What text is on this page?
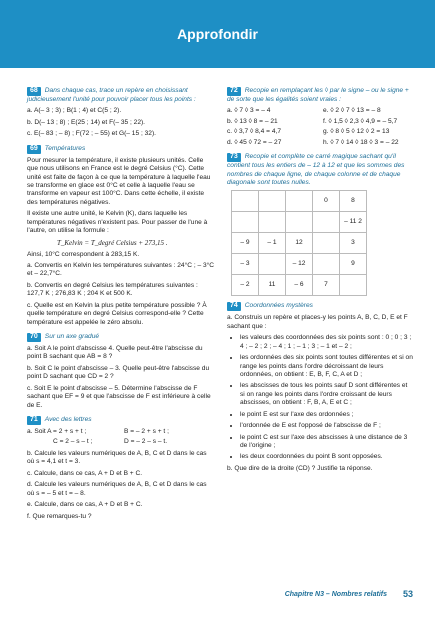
Approfondir

68 Dans chaque cas, trace un repère en choisissant judicieusement l'unité pour pouvoir placer tous les points :

a. A(– 3 ; 3) ; B(1 ; 4) et C(5 ; 2).

b. D(– 13 ; 8) ; E(25 ; 14) et F(– 35 ; 22).

c. E(– 83 ; – 8) ; F(72 ; – 55) et G(– 15 ; 32).

69 Températures

Pour mesurer la température, il existe plusieurs unités. Celle que nous utilisons en France est le degré Celsius (°C). Cette unité est faite de façon à ce que la température à laquelle l'eau se transforme en glace est 0°C et celle à laquelle l'eau se transforme en vapeur est 100°C. Dans cette échelle, il existe des températures négatives.

Il existe une autre unité, le Kelvin (K), dans laquelle les températures négatives n'existent pas. Pour passer de l'une à l'autre, on utilise la formule :

T_Kelvin = T_degré Celsius + 273,15 .

Ainsi, 10°C correspondent à 283,15 K.

a. Convertis en Kelvin les températures suivantes : 24°C ; – 3°C et – 22,7°C.

b. Convertis en degré Celsius les températures suivantes : 127,7 K ; 276,83 K ; 204 K et 500 K.

c. Quelle est en Kelvin la plus petite température possible ? À quelle température en degré Celsius correspond-elle ? Cette température est appelée le zéro absolu.

70 Sur un axe gradué

a. Soit A le point d'abscisse 4. Quelle peut-être l'abscisse du point B sachant que AB = 8 ?

b. Soit C le point d'abscisse – 3. Quelle peut-être l'abscisse du point D sachant que CD = 2 ?

c. Soit E le point d'abscisse – 5. Détermine l'abscisse de F sachant que EF = 9 et que l'abscisse de F est inférieure à celle de E.

71 Avec des lettres

a. Soit A = 2 + s + t ;	B = – 2 + s + t ;
C = 2 – s – t ;	D = – 2 – s – t.

b. Calcule les valeurs numériques de A, B, C et D dans le cas où s = 4,1 et t = 3.

c. Calcule, dans ce cas, A + D et B + C.

d. Calcule les valeurs numériques de A, B, C et D dans le cas où s = – 5 et t = – 8.

e. Calcule, dans ce cas, A + D et B + C.

f. Que remarques-tu ?

72 Recopie en remplaçant les ◊ par le signe – ou le signe + de sorte que les égalités soient vraies :

a. ◊ 7 ◊ 3 = – 4	e. ◊ 2 ◊ 7 ◊ 13 = – 8
b. ◊ 13 ◊ 8 = – 21	f. ◊ 1,5 ◊ 2,3 ◊ 4,9 = – 5,7
c. ◊ 3,7 ◊ 8,4 = 4,7	g. ◊ 8 ◊ 5 ◊ 12 ◊ 2 = 13
d. ◊ 45 ◊ 72 = – 27	h. ◊ 7 ◊ 14 ◊ 18 ◊ 3 = – 22

73 Recopie et complète ce carré magique sachant qu'il contient tous les entiers de – 12 à 12 et que les sommes des nombres de chaque ligne, de chaque colonne et de chaque diagonale sont toutes nulles.

			0	8
				– 11 2
– 9	– 1	12		3
– 3		– 12		9
– 2	11	– 6	7	

74 Coordonnées mystères

a. Construis un repère et places-y les points A, B, C, D, E et F sachant que :

• les valeurs des coordonnées des six points sont : 0 ; 0 ; 3 ; 4 ; – 2 ; 2 ; – 4 ; 1 ; – 1 ; 3 ; – 1 et – 2 ;
• les ordonnées des six points sont toutes différentes et si on range les points dans l'ordre décroissant de leurs ordonnées, on obtient : E, B, F, C, A et D ;
• les abscisses de tous les points sauf D sont différentes et si on range les points dans l'ordre croissant de leurs abscisses, on obtient : F, B, A, E et C ;
• le point E est sur l'axe des ordonnées ;
• l'ordonnée de E est l'opposé de l'abscisse de F ;
• le point C est sur l'axe des abscisses à une distance de 3 de l'origine ;
• les deux coordonnées du point B sont opposées.

b. Que dire de la droite (CD) ? Justifie ta réponse.

Chapitre N3 – Nombres relatifs 53
